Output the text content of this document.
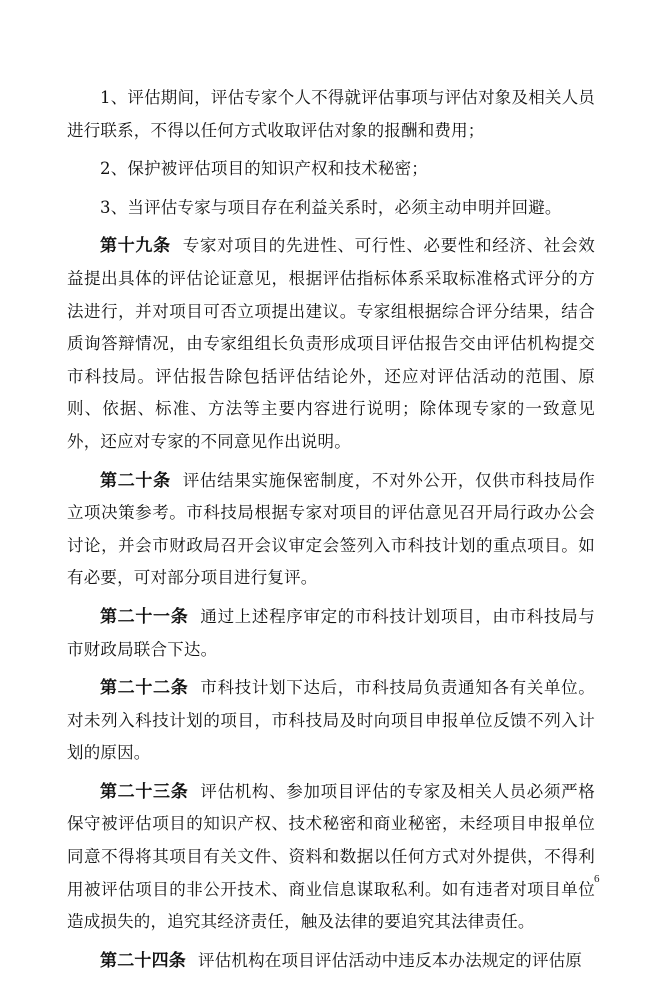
1、评估期间，评估专家个人不得就评估事项与评估对象及相关人员进行联系，不得以任何方式收取评估对象的报酬和费用；

2、保护被评估项目的知识产权和技术秘密；

3、当评估专家与项目存在利益关系时，必须主动申明并回避。

第十九条 专家对项目的先进性、可行性、必要性和经济、社会效益提出具体的评估论证意见，根据评估指标体系采取标准格式评分的方法进行，并对项目可否立项提出建议。专家组根据综合评分结果，结合质询答辩情况，由专家组组长负责形成项目评估报告交由评估机构提交市科技局。评估报告除包括评估结论外，还应对评估活动的范围、原则、依据、标准、方法等主要内容进行说明；除体现专家的一致意见外，还应对专家的不同意见作出说明。

第二十条 评估结果实施保密制度，不对外公开，仅供市科技局作立项决策参考。市科技局根据专家对项目的评估意见召开局行政办公会讨论，并会市财政局召开会议审定会签列入市科技计划的重点项目。如有必要，可对部分项目进行复评。

第二十一条 通过上述程序审定的市科技计划项目，由市科技局与市财政局联合下达。

第二十二条 市科技计划下达后，市科技局负责通知各有关单位。对未列入科技计划的项目，市科技局及时向项目申报单位反馈不列入计划的原因。

第二十三条 评估机构、参加项目评估的专家及相关人员必须严格保守被评估项目的知识产权、技术秘密和商业秘密，未经项目申报单位同意不得将其项目有关文件、资料和数据以任何方式对外提供，不得利用被评估项目的非公开技术、商业信息谋取私利。如有违者对项目单位造成损失的，追究其经济责任，触及法律的要追究其法律责任。

第二十四条 评估机构在项目评估活动中违反本办法规定的评估原

6
